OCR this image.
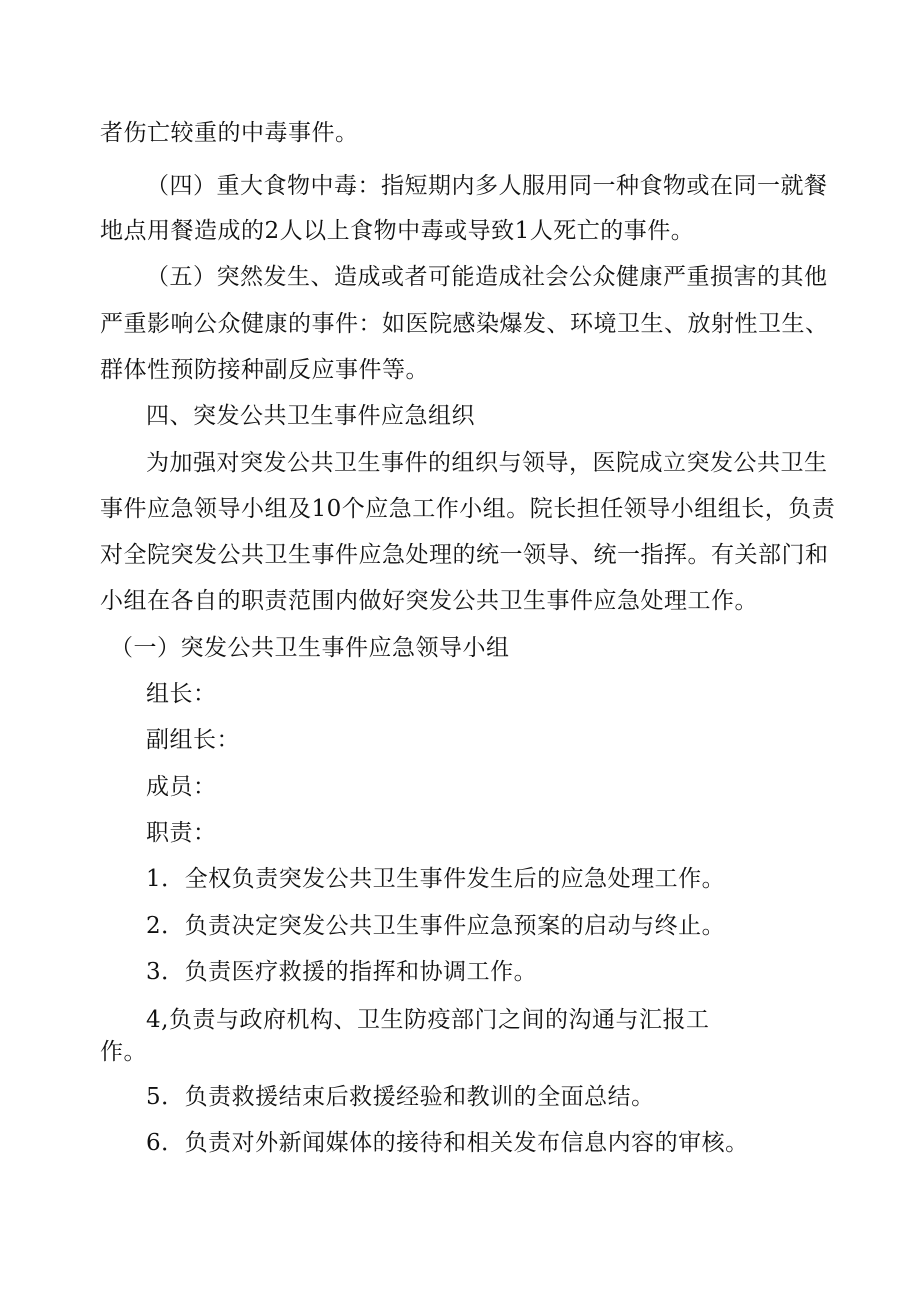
者伤亡较重的中毒事件。
（四）重大食物中毒：指短期内多人服用同一种食物或在同一就餐
地点用餐造成的2人以上食物中毒或导致1人死亡的事件。
（五）突然发生、造成或者可能造成社会公众健康严重损害的其他
严重影响公众健康的事件：如医院感染爆发、环境卫生、放射性卫生、
群体性预防接种副反应事件等。
四、突发公共卫生事件应急组织
为加强对突发公共卫生事件的组织与领导，医院成立突发公共卫生
事件应急领导小组及10个应急工作小组。院长担任领导小组组长，负责
对全院突发公共卫生事件应急处理的统一领导、统一指挥。有关部门和
小组在各自的职责范围内做好突发公共卫生事件应急处理工作。
（一）突发公共卫生事件应急领导小组
组长：
副组长：
成员：
职责：
1．全权负责突发公共卫生事件发生后的应急处理工作。
2．负责决定突发公共卫生事件应急预案的启动与终止。
3．负责医疗救援的指挥和协调工作。
4,负责与政府机构、卫生防疫部门之间的沟通与汇报工
作。
5．负责救援结束后救援经验和教训的全面总结。
6．负责对外新闻媒体的接待和相关发布信息内容的审核。
